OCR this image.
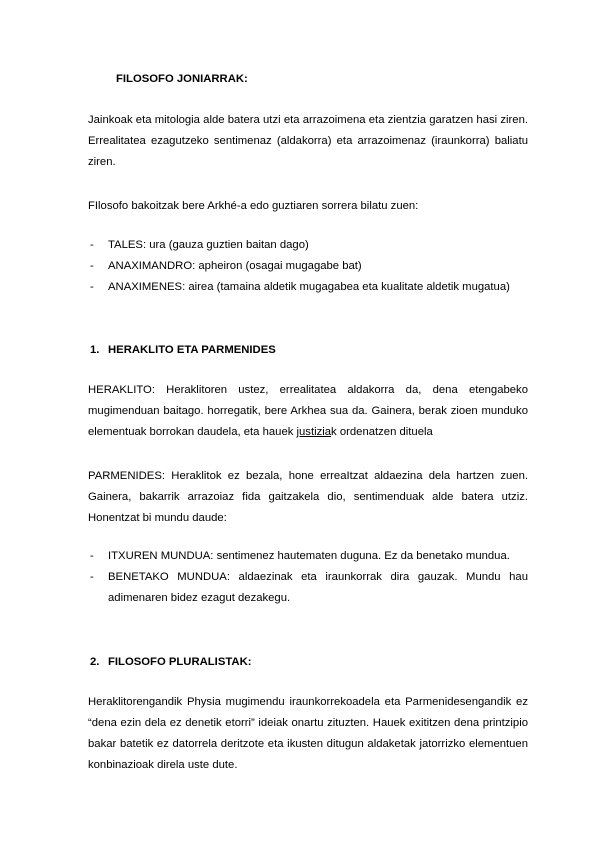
FILOSOFO JONIARRAK:

Jainkoak eta mitologia alde batera utzi eta arrazoimena eta zientzia garatzen hasi ziren. Errealitatea ezagutzeko sentimenaz (aldakorra) eta arrazoimenaz (iraunkorra) baliatu ziren.

FIlosofo bakoitzak bere Arkhé-a edo guztiaren sorrera bilatu zuen:

- TALES: ura (gauza guztien baitan dago)
- ANAXIMANDRO: apheiron (osagai mugagabe bat)
- ANAXIMENES: airea (tamaina aldetik mugagabea eta kualitate aldetik mugatua)
1. HERAKLITO ETA PARMENIDES

HERAKLITO: Heraklitoren ustez, errealitatea aldakorra da, dena etengabeko mugimenduan baitago. horregatik, bere Arkhea sua da. Gainera, berak zioen munduko elementuak borrokan daudela, eta hauek justiziak ordenatzen dituela

PARMENIDES: Heraklitok ez bezala, hone erreaItzat aldaezina dela hartzen zuen. Gainera, bakarrik arrazoiaz fida gaitzakela dio, sentimenduak alde batera utziz. Honentzat bi mundu daude:

- ITXUREN MUNDUA: sentimenez hautematen duguna. Ez da benetako mundua.
- BENETAKO MUNDUA: aldaezinak eta iraunkorrak dira gauzak. Mundu hau adimenaren bidez ezagut dezakegu.
2. FILOSOFO PLURALISTAK:

Heraklitorengandik Physia mugimendu iraunkorrekoadela eta Parmenidesengandik ez “dena ezin dela ez denetik etorri” ideiak onartu zituzten. Hauek exititzen dena printzipio bakar batetik ez datorrela deritzote eta ikusten ditugun aldaketak jatorrizko elementuen konbinazioak direla uste dute.
